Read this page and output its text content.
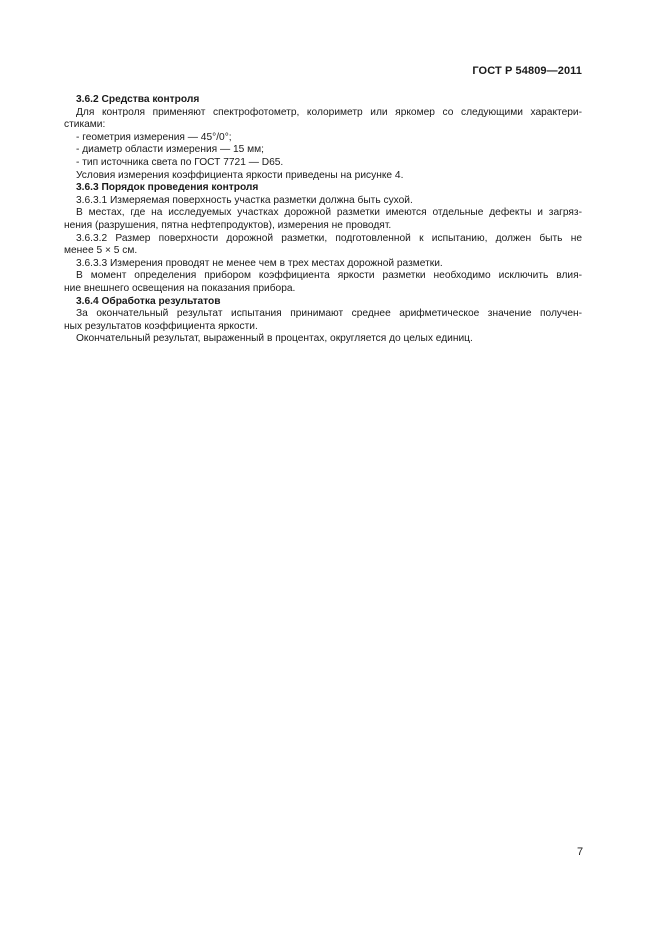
ГОСТ Р 54809—2011
3.6.2 Средства контроля
Для контроля применяют спектрофотометр, колориметр или яркомер со следующими характери-
стиками:
- геометрия измерения — 45°/0°;
- диаметр области измерения — 15 мм;
- тип источника света по ГОСТ 7721 — D65.
Условия измерения коэффициента яркости приведены на рисунке 4.
3.6.3 Порядок проведения контроля
3.6.3.1 Измеряемая поверхность участка разметки должна быть сухой.
В местах, где на исследуемых участках дорожной разметки имеются отдельные дефекты и загряз-
нения (разрушения, пятна нефтепродуктов), измерения не проводят.
3.6.3.2 Размер поверхности дорожной разметки, подготовленной к испытанию, должен быть не
менее 5 × 5 см.
3.6.3.3 Измерения проводят не менее чем в трех местах дорожной разметки.
В момент определения прибором коэффициента яркости разметки необходимо исключить влия-
ние внешнего освещения на показания прибора.
3.6.4 Обработка результатов
За окончательный результат испытания принимают среднее арифметическое значение получен-
ных результатов коэффициента яркости.
Окончательный результат, выраженный в процентах, округляется до целых единиц.
7
